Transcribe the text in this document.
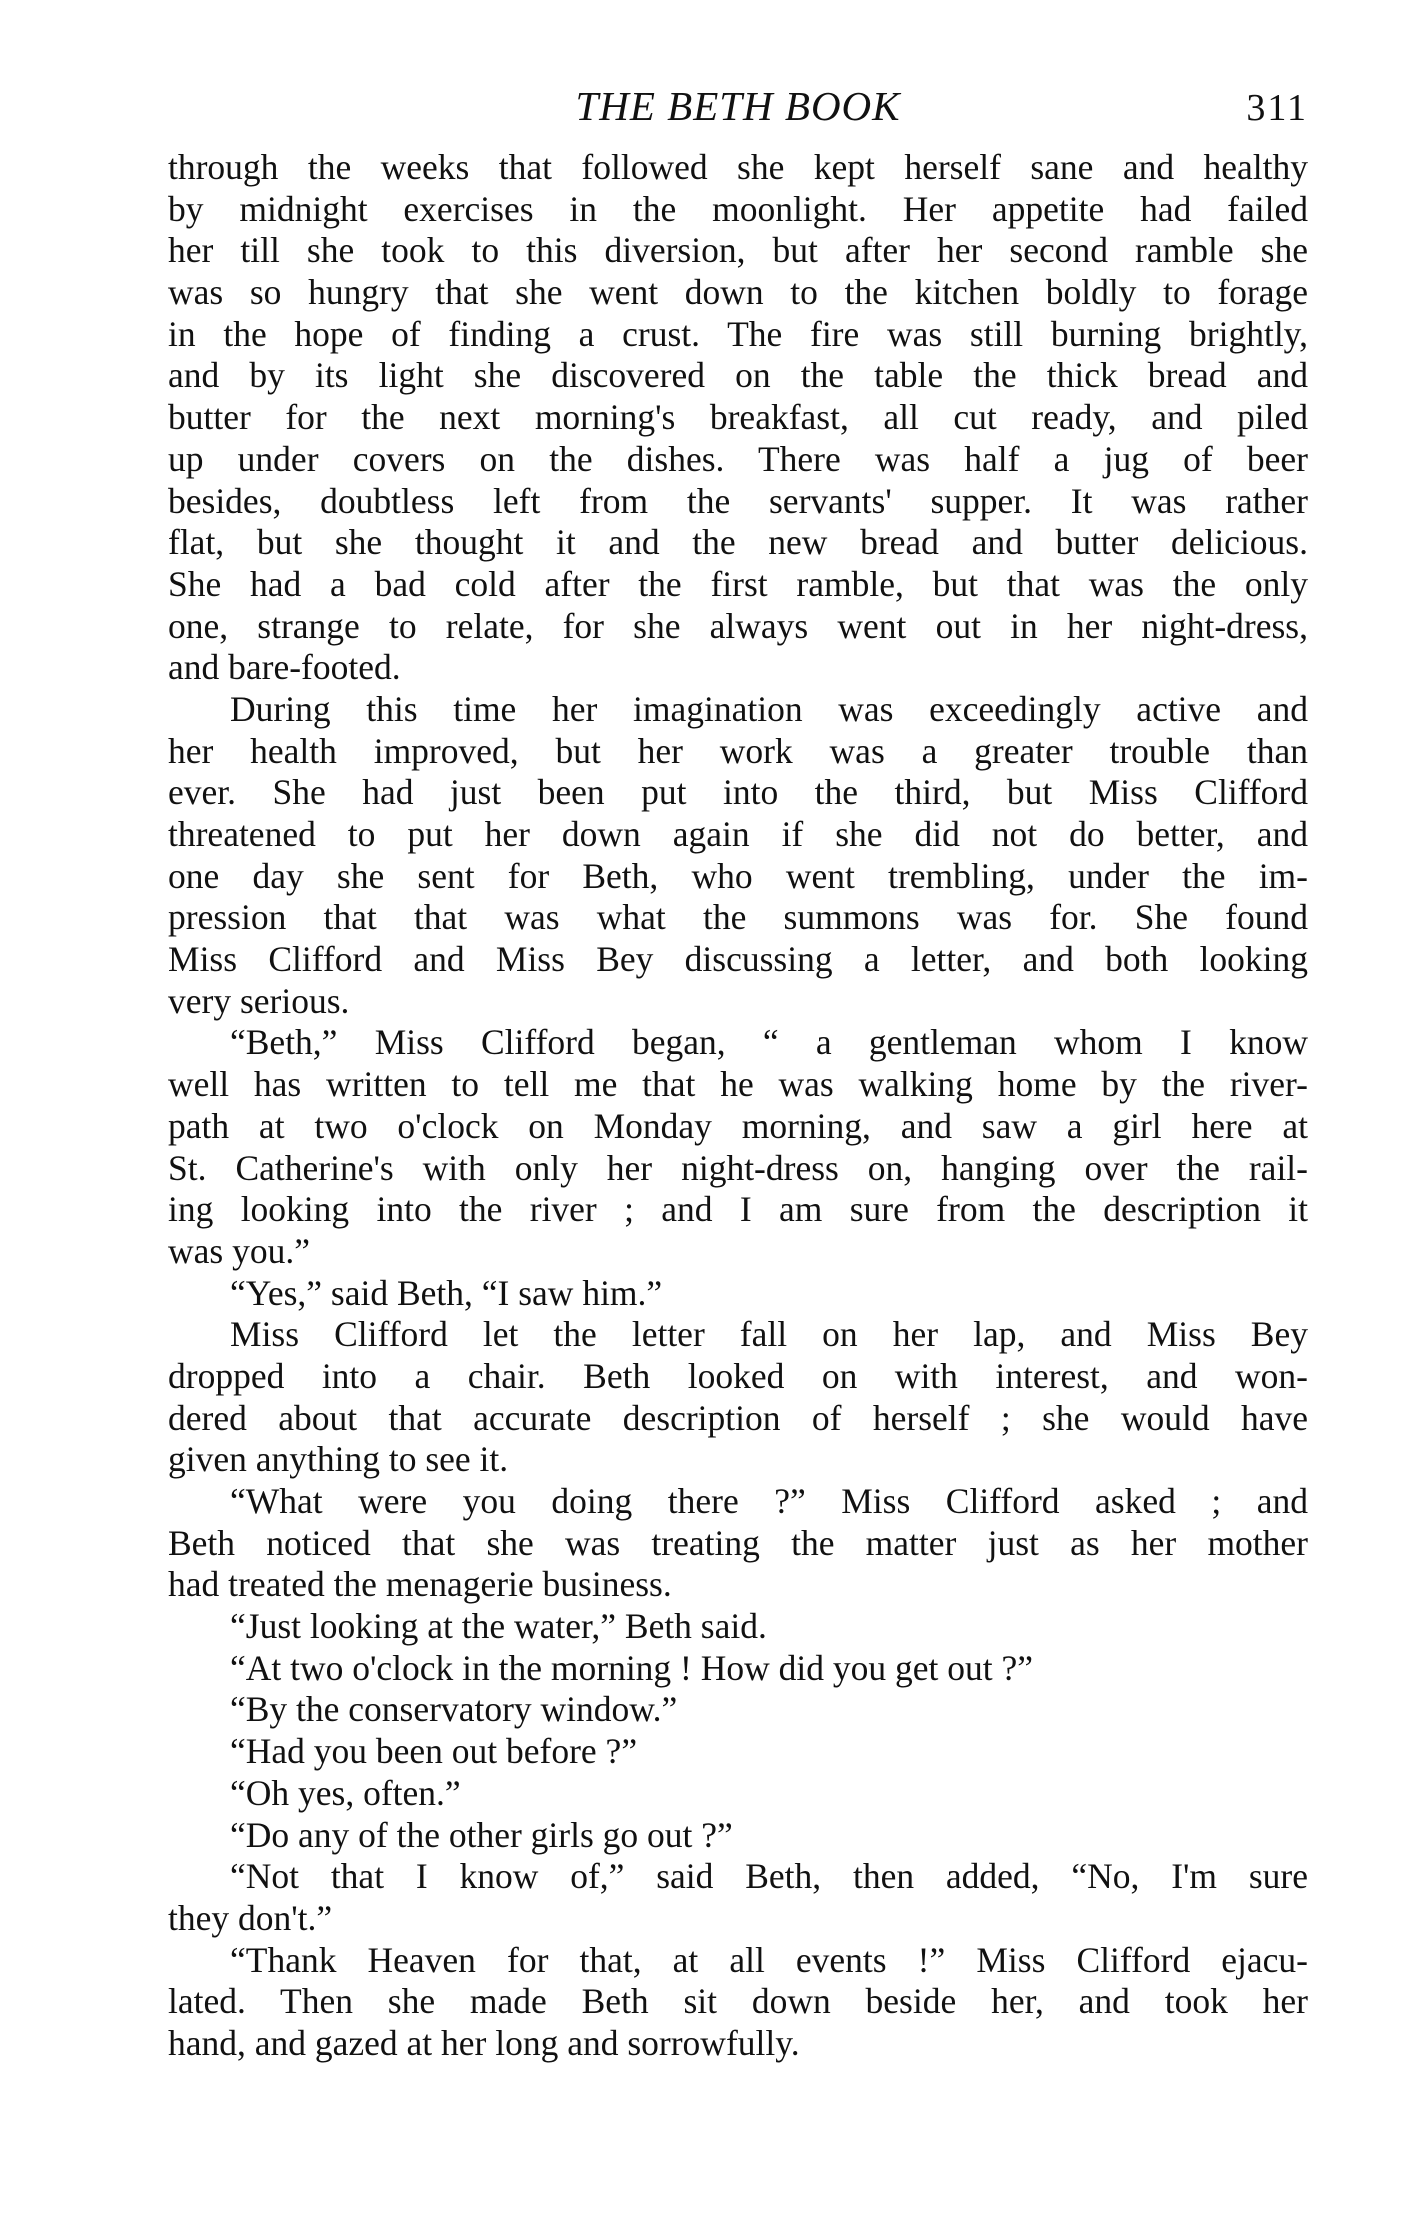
THE BETH BOOK	311
through the weeks that followed she kept herself sane and healthy
by midnight exercises in the moonlight. Her appetite had failed
her till she took to this diversion, but after her second ramble she
was so hungry that she went down to the kitchen boldly to forage
in the hope of finding a crust. The fire was still burning brightly,
and by its light she discovered on the table the thick bread and
butter for the next morning's breakfast, all cut ready, and piled
up under covers on the dishes. There was half a jug of beer
besides, doubtless left from the servants' supper. It was rather
flat, but she thought it and the new bread and butter delicious.
She had a bad cold after the first ramble, but that was the only
one, strange to relate, for she always went out in her night-dress,
and bare-footed.
During this time her imagination was exceedingly active and
her health improved, but her work was a greater trouble than
ever. She had just been put into the third, but Miss Clifford
threatened to put her down again if she did not do better, and
one day she sent for Beth, who went trembling, under the im-
pression that that was what the summons was for. She found
Miss Clifford and Miss Bey discussing a letter, and both looking
very serious.
“Beth,” Miss Clifford began, “ a gentleman whom I know
well has written to tell me that he was walking home by the river-
path at two o'clock on Monday morning, and saw a girl here at
St. Catherine's with only her night-dress on, hanging over the rail-
ing looking into the river ; and I am sure from the description it
was you.”
“Yes,” said Beth, “I saw him.”
Miss Clifford let the letter fall on her lap, and Miss Bey
dropped into a chair. Beth looked on with interest, and won-
dered about that accurate description of herself ; she would have
given anything to see it.
“What were you doing there ?” Miss Clifford asked ; and
Beth noticed that she was treating the matter just as her mother
had treated the menagerie business.
“Just looking at the water,” Beth said.
“At two o'clock in the morning ! How did you get out ?”
“By the conservatory window.”
“Had you been out before ?”
“Oh yes, often.”
“Do any of the other girls go out ?”
“Not that I know of,” said Beth, then added, “No, I'm sure
they don't.”
“Thank Heaven for that, at all events !” Miss Clifford ejacu-
lated. Then she made Beth sit down beside her, and took her
hand, and gazed at her long and sorrowfully.
